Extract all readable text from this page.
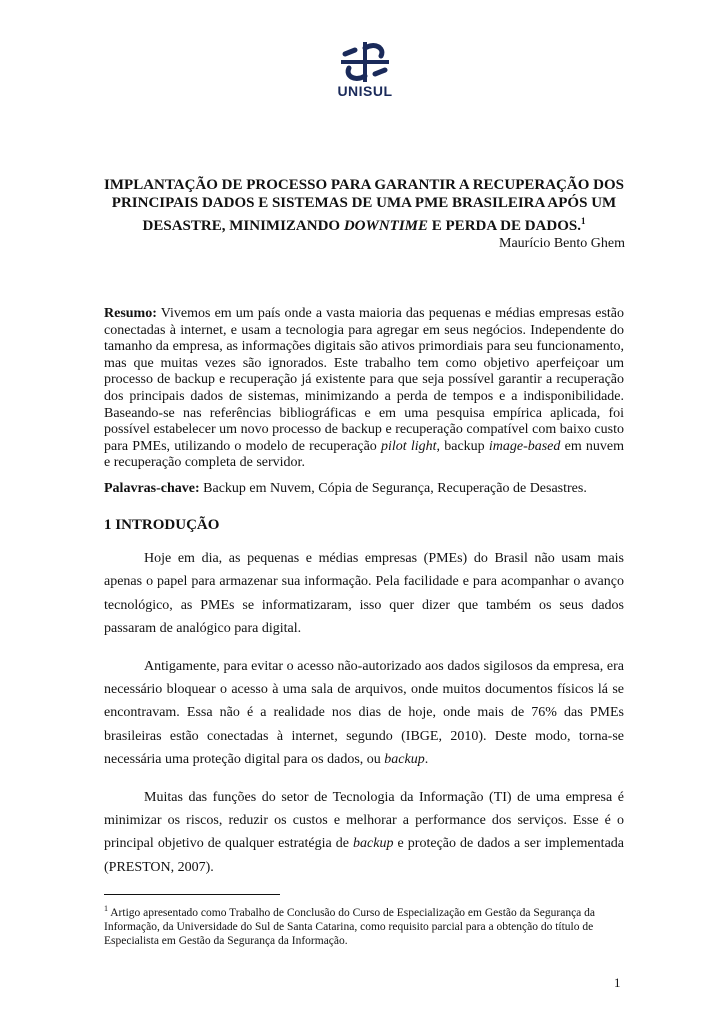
UNISUL
IMPLANTAÇÃO DE PROCESSO PARA GARANTIR A RECUPERAÇÃO DOS PRINCIPAIS DADOS E SISTEMAS DE UMA PME BRASILEIRA APÓS UM DESASTRE, MINIMIZANDO DOWNTIME E PERDA DE DADOS.$^1$
Maurício Bento Ghem
Resumo: Vivemos em um país onde a vasta maioria das pequenas e médias empresas estão conectadas à internet, e usam a tecnologia para agregar em seus negócios. Independente do tamanho da empresa, as informações digitais são ativos primordiais para seu funcionamento, mas que muitas vezes são ignorados. Este trabalho tem como objetivo aperfeiçoar um processo de backup e recuperação já existente para que seja possível garantir a recuperação dos principais dados de sistemas, minimizando a perda de tempos e a indisponibilidade. Baseando-se nas referências bibliográficas e em uma pesquisa empírica aplicada, foi possível estabelecer um novo processo de backup e recuperação compatível com baixo custo para PMEs, utilizando o modelo de recuperação pilot light, backup image-based em nuvem e recuperação completa de servidor.
Palavras-chave: Backup em Nuvem, Cópia de Segurança, Recuperação de Desastres.
1 INTRODUÇÃO

Hoje em dia, as pequenas e médias empresas (PMEs) do Brasil não usam mais apenas o papel para armazenar sua informação. Pela facilidade e para acompanhar o avanço tecnológico, as PMEs se informatizaram, isso quer dizer que também os seus dados passaram de analógico para digital.

Antigamente, para evitar o acesso não-autorizado aos dados sigilosos da empresa, era necessário bloquear o acesso à uma sala de arquivos, onde muitos documentos físicos lá se encontravam. Essa não é a realidade nos dias de hoje, onde mais de 76% das PMEs brasileiras estão conectadas à internet, segundo (IBGE, 2010). Deste modo, torna-se necessária uma proteção digital para os dados, ou backup.

Muitas das funções do setor de Tecnologia da Informação (TI) de uma empresa é minimizar os riscos, reduzir os custos e melhorar a performance dos serviços. Esse é o principal objetivo de qualquer estratégia de backup e proteção de dados a ser implementada (PRESTON, 2007).

$^1$ Artigo apresentado como Trabalho de Conclusão do Curso de Especialização em Gestão da Segurança da Informação, da Universidade do Sul de Santa Catarina, como requisito parcial para a obtenção do título de Especialista em Gestão da Segurança da Informação.
1
